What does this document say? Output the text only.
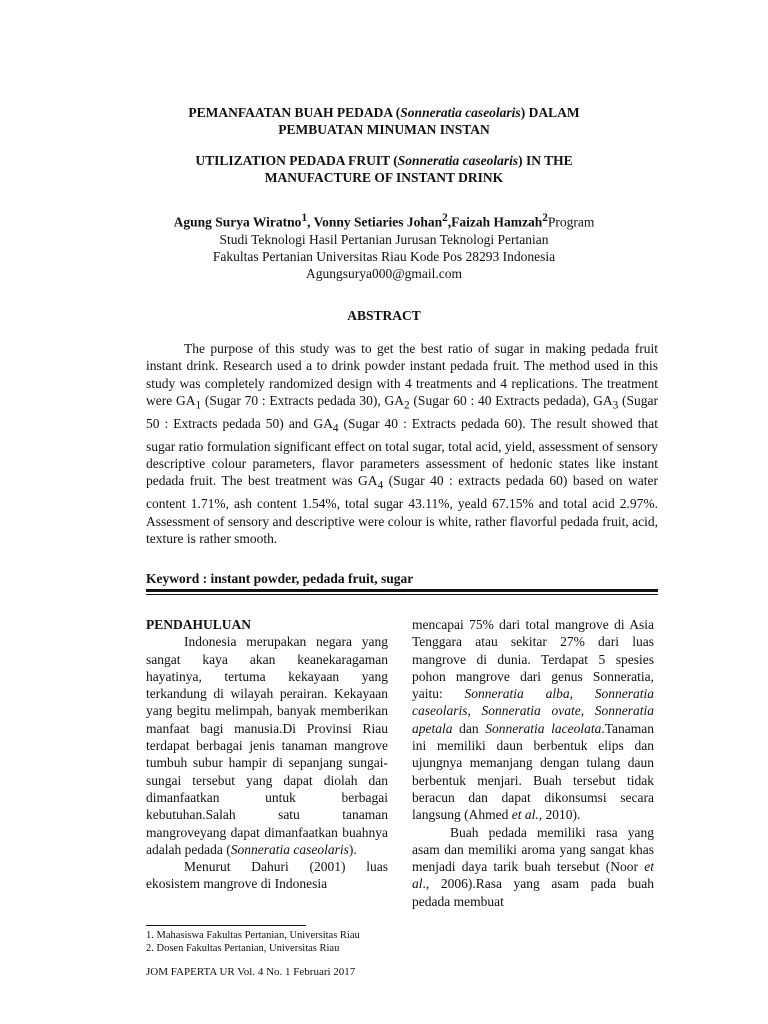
PEMANFAATAN BUAH PEDADA (Sonneratia caseolaris) DALAM
PEMBUATAN MINUMAN INSTAN
UTILIZATION PEDADA FRUIT (Sonneratia caseolaris) IN THE
MANUFACTURE OF INSTANT DRINK
Agung Surya Wiratno$^1$, Vonny Setiaries Johan$^2$,Faizah Hamzah$^2$Program
Studi Teknologi Hasil Pertanian Jurusan Teknologi Pertanian
Fakultas Pertanian Universitas Riau Kode Pos 28293 Indonesia
Agungsurya000@gmail.com
ABSTRACT

The purpose of this study was to get the best ratio of sugar in making pedada fruit instant drink. Research used a to drink powder instant pedada fruit. The method used in this study was completely randomized design with 4 treatments and 4 replications. The treatment were $GA_1$ (Sugar 70 : Extracts pedada 30), $GA_2$ (Sugar 60 : 40 Extracts pedada), $GA_3$ (Sugar 50 : Extracts pedada 50) and $GA_4$ (Sugar 40 : Extracts pedada 60). The result showed that sugar ratio formulation significant effect on total sugar, total acid, yield, assessment of sensory descriptive colour parameters, flavor parameters assessment of hedonic states like instant pedada fruit. The best treatment was $GA_4$ (Sugar 40 : extracts pedada 60) based on water content 1.71%, ash content 1.54%, total sugar 43.11%, yeald 67.15% and total acid 2.97%. Assessment of sensory and descriptive were colour is white, rather flavorful pedada fruit, acid, texture is rather smooth.

Keyword : instant powder, pedada fruit, sugar

PENDAHULUAN

Indonesia merupakan negara yang sangat kaya akan keanekaragaman hayatinya, tertuma kekayaan yang terkandung di wilayah perairan. Kekayaan yang begitu melimpah, banyak memberikan manfaat bagi manusia.Di Provinsi Riau terdapat berbagai jenis tanaman mangrove tumbuh subur hampir di sepanjang sungai-sungai tersebut yang dapat diolah dan dimanfaatkan untuk berbagai kebutuhan.Salah satu tanaman mangroveyang dapat dimanfaatkan buahnya adalah pedada (Sonneratia caseolaris).

Menurut Dahuri (2001) luas ekosistem mangrove di Indonesia

mencapai 75% dari total mangrove di Asia Tenggara atau sekitar 27% dari luas mangrove di dunia. Terdapat 5 spesies pohon mangrove dari genus Sonneratia, yaitu: Sonneratia alba, Sonneratia caseolaris, Sonneratia ovate, Sonneratia apetala dan Sonneratia laceolata.Tanaman ini memiliki daun berbentuk elips dan ujungnya memanjang dengan tulang daun berbentuk menjari. Buah tersebut tidak beracun dan dapat dikonsumsi secara langsung (Ahmed et al., 2010).

Buah pedada memiliki rasa yang asam dan memiliki aroma yang sangat khas menjadi daya tarik buah tersebut (Noor et al., 2006).Rasa yang asam pada buah pedada membuat

1. Mahasiswa Fakultas Pertanian, Universitas Riau
2. Dosen Fakultas Pertanian, Universitas Riau
JOM FAPERTA UR Vol. 4 No. 1 Februari 2017
